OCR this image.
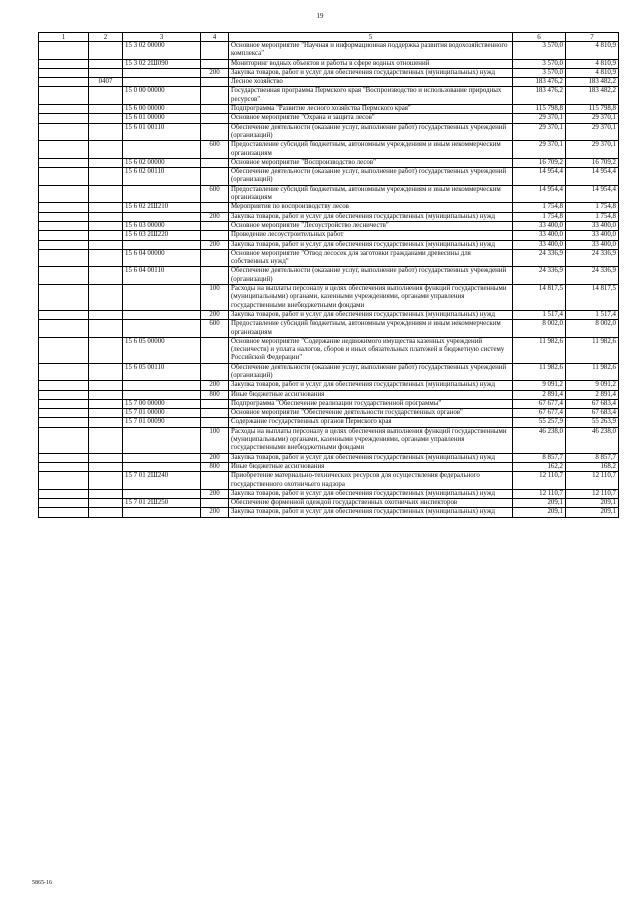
19
1	2	3	4	5	6	7
		15 3 02 00000		Основное мероприятие "Научная и информационная поддержка развития водохозяйственного комплекса"	3 570,0	4 810,9
		15 3 02 2Ш090		Мониторинг водных объектов и работы в сфере водных отношений	3 570,0	4 810,9
			200	Закупка товаров, работ и услуг для обеспечения государственных (муниципальных) нужд	3 570,0	4 810,9
	0407			Лесное хозяйство	183 476,2	183 482,2
		15 0 00 00000		Государственная программа Пермского края "Воспроизводство и использование природных ресурсов"	183 476,2	183 482,2
		15 6 00 00000		Подпрограмма "Развитие лесного хозяйства Пермского края"	115 798,8	115 798,8
		15 6 01 00000		Основное мероприятие "Охрана и защита лесов"	29 370,1	29 370,1
		15 6 01 00110		Обеспечение деятельности (оказание услуг, выполнение работ) государственных учреждений (организаций)	29 370,1	29 370,1
			600	Предоставление субсидий бюджетным, автономным учреждениям и иным некоммерческим организациям	29 370,1	29 370,1
		15 6 02 00000		Основное мероприятие "Воспроизводство лесов"	16 709,2	16 709,2
		15 6 02 00110		Обеспечение деятельности (оказание услуг, выполнение работ) государственных учреждений (организаций)	14 954,4	14 954,4
			600	Предоставление субсидий бюджетным, автономным учреждениям и иным некоммерческим организациям	14 954,4	14 954,4
		15 6 02 2Ш210		Мероприятия по воспроизводству лесов	1 754,8	1 754,8
			200	Закупка товаров, работ и услуг для обеспечения государственных (муниципальных) нужд	1 754,8	1 754,8
		15 6 03 00000		Основное мероприятие "Лесоустройство лесничеств"	33 400,0	33 400,0
		15 6 03 2Ш220		Проведение лесоустроительных работ	33 400,0	33 400,0
			200	Закупка товаров, работ и услуг для обеспечения государственных (муниципальных) нужд	33 400,0	33 400,0
		15 6 04 00000		Основное мероприятие "Отвод лесосек для заготовки гражданами древесины для собственных нужд"	24 336,9	24 336,9
		15 6 04 00110		Обеспечение деятельности (оказание услуг, выполнение работ) государственных учреждений (организаций)	24 336,9	24 336,9
			100	Расходы на выплаты персоналу в целях обеспечения выполнения функций государственными (муниципальными) органами, казенными учреждениями, органами управления государственными внебюджетными фондами	14 817,5	14 817,5
			200	Закупка товаров, работ и услуг для обеспечения государственных (муниципальных) нужд	1 517,4	1 517,4
			600	Предоставление субсидий бюджетным, автономным учреждениям и иным некоммерческим организациям	8 002,0	8 002,0
		15 6 05 00000		Основное мероприятие "Содержание недвижимого имущества казенных учреждений (лесничеств) и уплата налогов, сборов и иных обязательных платежей в бюджетную систему Российской Федерации"	11 982,6	11 982,6
		15 6 05 00110		Обеспечение деятельности (оказание услуг, выполнение работ) государственных учреждений (организаций)	11 982,6	11 982,6
			200	Закупка товаров, работ и услуг для обеспечения государственных (муниципальных) нужд	9 091,2	9 091,2
			800	Иные бюджетные ассигнования	2 891,4	2 891,4
		15 7 00 00000		Подпрограмма "Обеспечение реализации государственной программы"	67 677,4	67 683,4
		15 7 01 00000		Основное мероприятие "Обеспечение деятельности государственных органов"	67 677,4	67 683,4
		15 7 01 00090		Содержание государственных органов Пермского края	55 257,9	55 263,9
			100	Расходы на выплаты персоналу в целях обеспечения выполнения функций государственными (муниципальными) органами, казенными учреждениями, органами управления государственными внебюджетными фондами	46 238,0	46 238,0
			200	Закупка товаров, работ и услуг для обеспечения государственных (муниципальных) нужд	8 857,7	8 857,7
			800	Иные бюджетные ассигнования	162,2	168,2
		15 7 01 2Ш240		Приобретение материально-технических ресурсов для осуществления федерального государственного охотничьего надзора	12 110,7	12 110,7
			200	Закупка товаров, работ и услуг для обеспечения государственных (муниципальных) нужд	12 110,7	12 110,7
		15 7 01 2Ш250		Обеспечение форменной одеждой государственных охотничьих инспекторов	209,1	209,1
			200	Закупка товаров, работ и услуг для обеспечения государственных (муниципальных) нужд	209,1	209,1
5865-16
